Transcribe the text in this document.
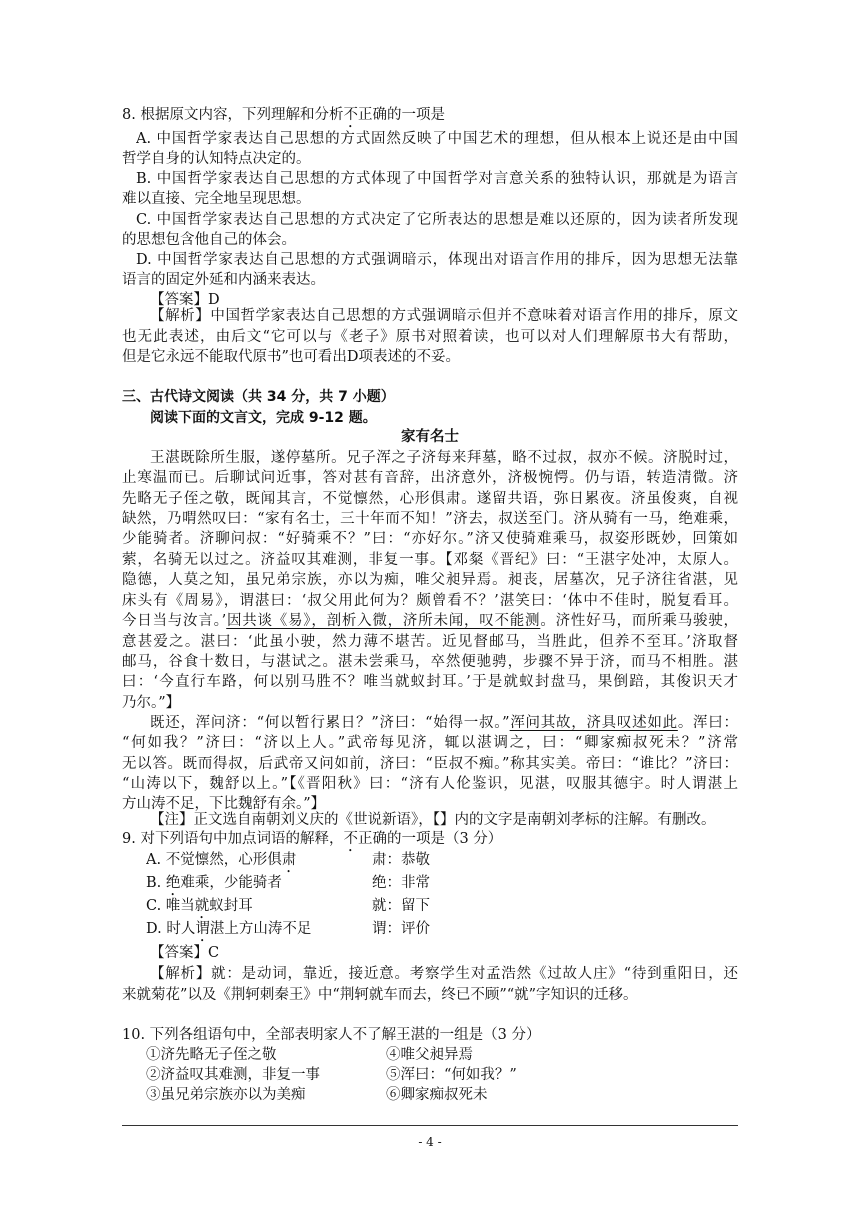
8. 根据原文内容，下列理解和分析不正确的一项是
A. 中国哲学家表达自己思想的方式固然反映了中国艺术的理想，但从根本上说还是由中国
哲学自身的认知特点决定的。
B. 中国哲学家表达自己思想的方式体现了中国哲学对言意关系的独特认识，那就是为语言
难以直接、完全地呈现思想。
C. 中国哲学家表达自己思想的方式决定了它所表达的思想是难以还原的，因为读者所发现
的思想包含他自己的体会。
D. 中国哲学家表达自己思想的方式强调暗示，体现出对语言作用的排斥，因为思想无法靠
语言的固定外延和内涵来表达。
【答案】D
【解析】中国哲学家表达自己思想的方式强调暗示但并不意味着对语言作用的排斥，原文
也无此表述，由后文“它可以与《老子》原书对照着读，也可以对人们理解原书大有帮助，
但是它永远不能取代原书”也可看出D项表述的不妥。
三、古代诗文阅读（共 34 分，共 7 小题）
阅读下面的文言文，完成 9-12 题。
家有名士
王湛既除所生服，遂停墓所。兄子浑之子济每来拜墓，略不过叔，叔亦不候。济脱时过，
止寒温而已。后聊试问近事，答对甚有音辞，出济意外，济极惋愕。仍与语，转造清微。济
先略无子侄之敬，既闻其言，不觉懔然，心形俱肃。遂留共语，弥日累夜。济虽俊爽，自视
缺然，乃喟然叹曰：“家有名士，三十年而不知！”济去，叔送至门。济从骑有一马，绝难乘，
少能骑者。济聊问叔：“好骑乘不？”曰：“亦好尔。”济又使骑难乘马，叔姿形既妙，回策如
萦，名骑无以过之。济益叹其难测，非复一事。【邓粲《晋纪》曰：“王湛字处冲，太原人。
隐德，人莫之知，虽兄弟宗族，亦以为痴，唯父昶异焉。昶丧，居墓次，兄子济往省湛，见
床头有《周易》，谓湛曰：‘叔父用此何为？颇曾看不？’湛笑曰：‘体中不佳时，脱复看耳。
今日当与汝言。’因共谈《易》，剖析入微，济所未闻，叹不能测。济性好马，而所乘马骏驶，
意甚爱之。湛曰：‘此虽小驶，然力薄不堪苦。近见督邮马，当胜此，但养不至耳。’济取督
邮马，谷食十数日，与湛试之。湛未尝乘马，卒然便驰骋，步骤不异于济，而马不相胜。湛
曰：‘今直行车路，何以别马胜不？唯当就蚁封耳。’于是就蚁封盘马，果倒踣，其俊识天才
乃尔。”】
既还，浑问济：“何以暂行累日？”济曰：“始得一叔。”浑问其故，济具叹述如此。浑曰：
“何如我？”济曰：“济以上人。”武帝每见济，辄以湛调之，曰：“卿家痴叔死未？”济常
无以答。既而得叔，后武帝又问如前，济曰：“臣叔不痴。”称其实美。帝曰：“谁比？”济曰：
“山涛以下，魏舒以上。”【《晋阳秋》曰：“济有人伦鉴识，见湛，叹服其德宇。时人谓湛上
方山涛不足，下比魏舒有余。”】
【注】正文选自南朝刘义庆的《世说新语》，【】内的文字是南朝刘孝标的注解。有删改。
9. 对下列语句中加点词语的解释，不正确的一项是（3 分）
A. 不觉懔然，心形俱肃	肃：恭敬
B. 绝难乘，少能骑者	绝：非常
C. 唯当就蚁封耳	就：留下
D. 时人谓湛上方山涛不足	谓：评价
【答案】C
【解析】就：是动词，靠近，接近意。考察学生对孟浩然《过故人庄》“待到重阳日，还
来就菊花”以及《荆轲刺秦王》中“荆轲就车而去，终已不顾”“就”字知识的迁移。
10. 下列各组语句中，全部表明家人不了解王湛的一组是（3 分）
①济先略无子侄之敬	④唯父昶异焉
②济益叹其难测，非复一事	⑤浑曰：“何如我？”
③虽兄弟宗族亦以为美痴	⑥卿家痴叔死未
- 4 -
